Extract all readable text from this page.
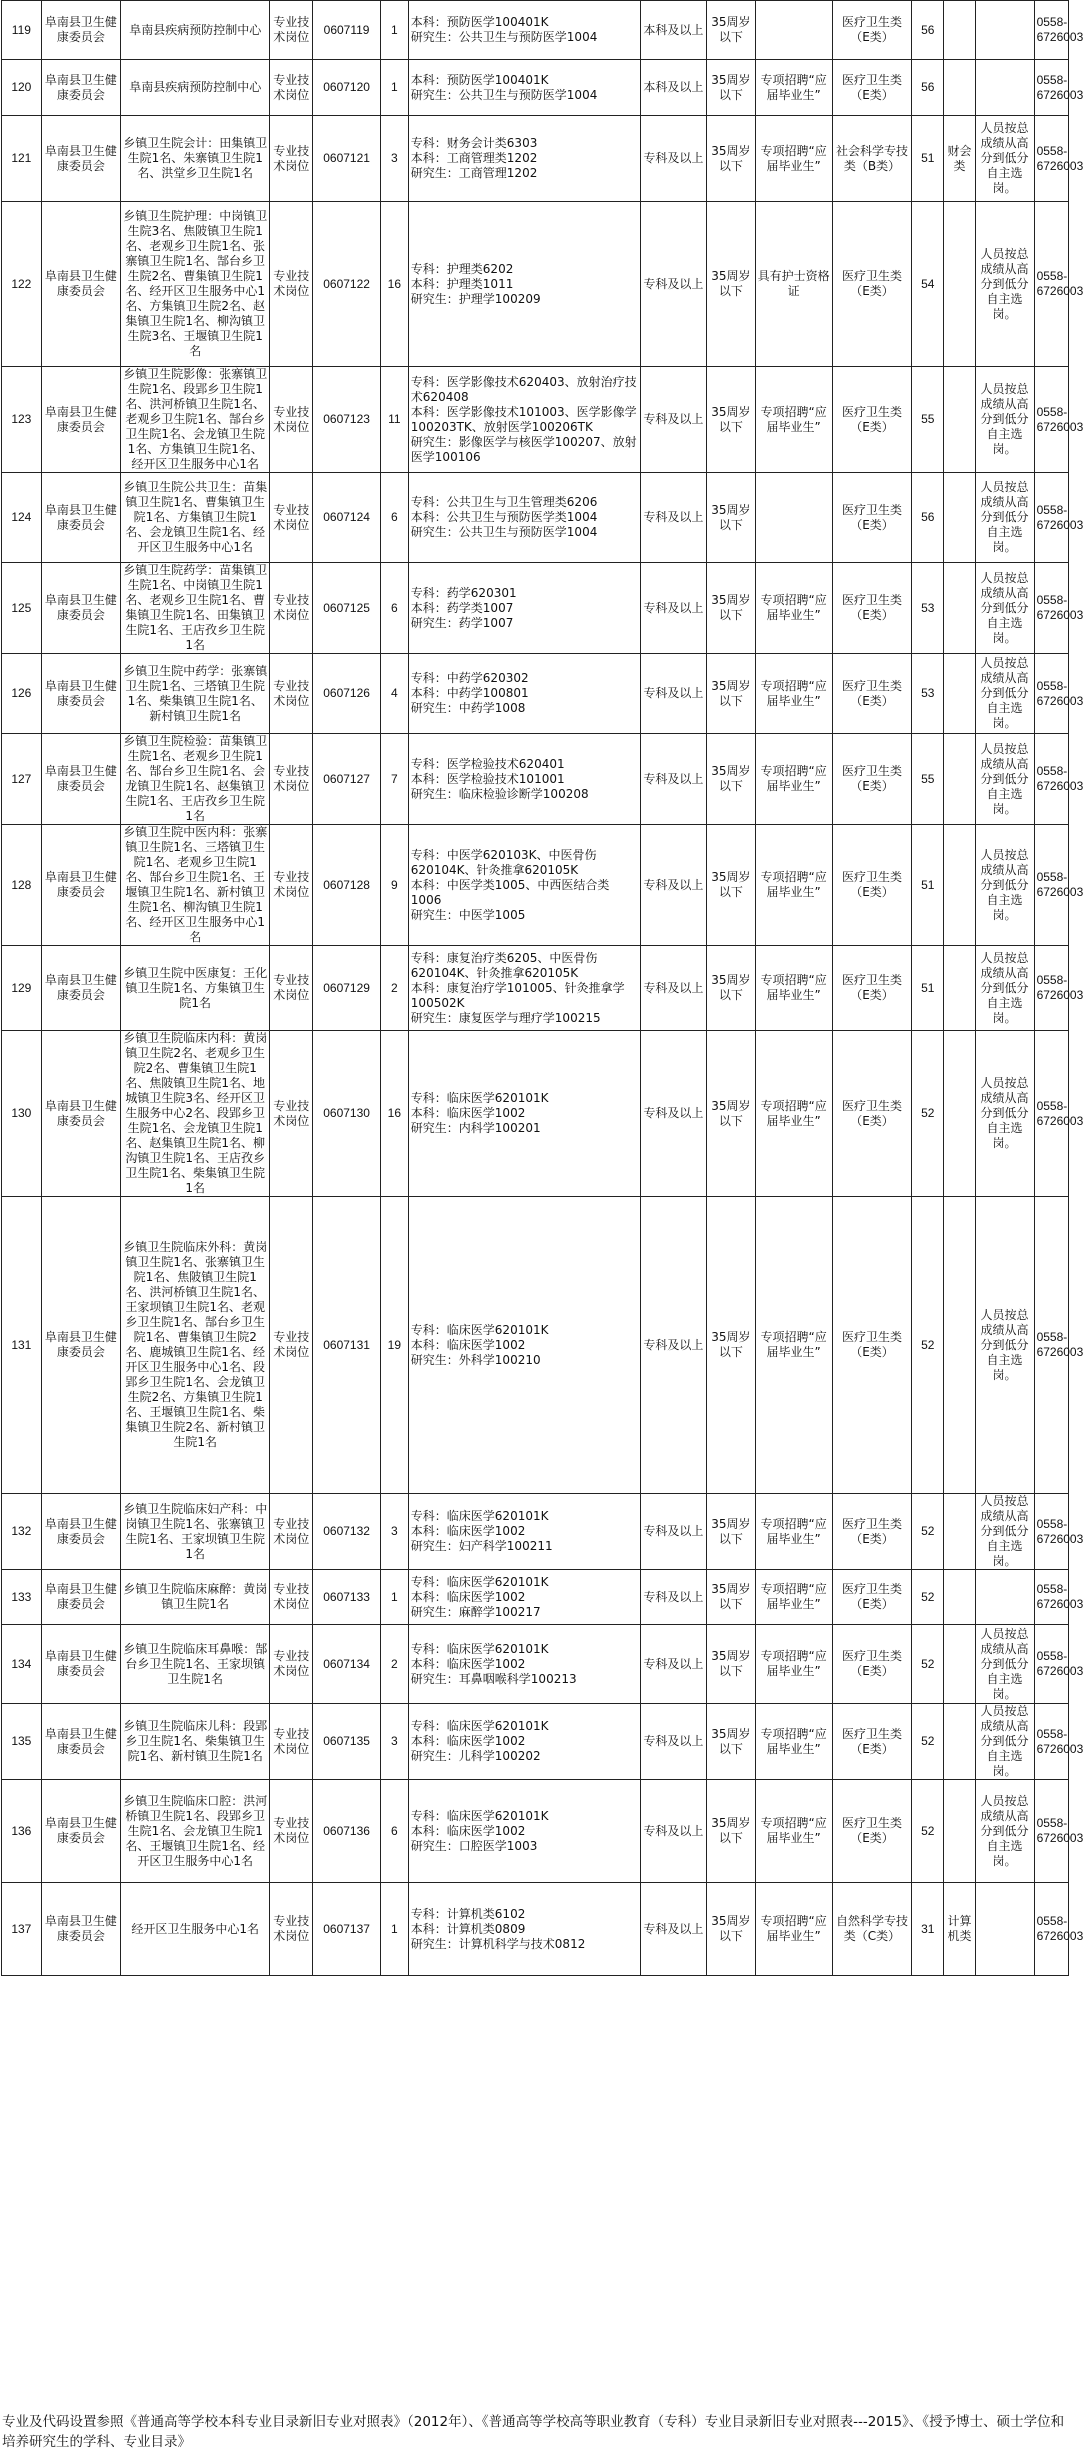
119	阜南县卫生健康委员会	阜南县疾病预防控制中心	专业技术岗位	0607119	1	本科：预防医学100401K
研究生：公共卫生与预防医学1004	本科及以上	35周岁以下		医疗卫生类（E类）	56			0558-6726003
120	阜南县卫生健康委员会	阜南县疾病预防控制中心	专业技术岗位	0607120	1	本科：预防医学100401K
研究生：公共卫生与预防医学1004	本科及以上	35周岁以下	专项招聘“应届毕业生”	医疗卫生类（E类）	56			0558-6726003
121	阜南县卫生健康委员会	乡镇卫生院会计：田集镇卫生院1名、朱寨镇卫生院1名、洪堂乡卫生院1名	专业技术岗位	0607121	3	专科：财务会计类6303
本科：工商管理类1202
研究生：工商管理1202	专科及以上	35周岁以下	专项招聘“应届毕业生”	社会科学专技类（B类）	51	财会类	人员按总成绩从高分到低分自主选岗。	0558-6726003
122	阜南县卫生健康委员会	乡镇卫生院护理：中岗镇卫生院3名、焦陂镇卫生院1名、老观乡卫生院1名、张寨镇卫生院1名、郜台乡卫生院2名、曹集镇卫生院1名、经开区卫生服务中心1名、方集镇卫生院2名、赵集镇卫生院1名、柳沟镇卫生院3名、王堰镇卫生院1名	专业技术岗位	0607122	16	专科：护理类6202
本科：护理类1011
研究生：护理学100209	专科及以上	35周岁以下	具有护士资格证	医疗卫生类（E类）	54		人员按总成绩从高分到低分自主选岗。	0558-6726003
123	阜南县卫生健康委员会	乡镇卫生院影像：张寨镇卫生院1名、段郢乡卫生院1名、洪河桥镇卫生院1名、老观乡卫生院1名、郜台乡卫生院1名、会龙镇卫生院1名、方集镇卫生院1名、经开区卫生服务中心1名	专业技术岗位	0607123	11	专科：医学影像技术620403、放射治疗技术620408
本科：医学影像技术101003、医学影像学100203TK、放射医学100206TK
研究生：影像医学与核医学100207、放射医学100106	专科及以上	35周岁以下	专项招聘“应届毕业生”	医疗卫生类（E类）	55		人员按总成绩从高分到低分自主选岗。	0558-6726003
124	阜南县卫生健康委员会	乡镇卫生院公共卫生：苗集镇卫生院1名、曹集镇卫生院1名、方集镇卫生院1名、会龙镇卫生院1名、经开区卫生服务中心1名	专业技术岗位	0607124	6	专科：公共卫生与卫生管理类6206
本科：公共卫生与预防医学类1004
研究生：公共卫生与预防医学1004	专科及以上	35周岁以下		医疗卫生类（E类）	56		人员按总成绩从高分到低分自主选岗。	0558-6726003
125	阜南县卫生健康委员会	乡镇卫生院药学：苗集镇卫生院1名、中岗镇卫生院1名、老观乡卫生院1名、曹集镇卫生院1名、田集镇卫生院1名、王店孜乡卫生院1名	专业技术岗位	0607125	6	专科：药学620301
本科：药学类1007
研究生：药学1007	专科及以上	35周岁以下	专项招聘“应届毕业生”	医疗卫生类（E类）	53		人员按总成绩从高分到低分自主选岗。	0558-6726003
126	阜南县卫生健康委员会	乡镇卫生院中药学：张寨镇卫生院1名、三塔镇卫生院1名、柴集镇卫生院1名、新村镇卫生院1名	专业技术岗位	0607126	4	专科：中药学620302
本科：中药学100801
研究生：中药学1008	专科及以上	35周岁以下	专项招聘“应届毕业生”	医疗卫生类（E类）	53		人员按总成绩从高分到低分自主选岗。	0558-6726003
127	阜南县卫生健康委员会	乡镇卫生院检验：苗集镇卫生院1名、老观乡卫生院1名、郜台乡卫生院1名、会龙镇卫生院1名、赵集镇卫生院1名、王店孜乡卫生院1名	专业技术岗位	0607127	7	专科：医学检验技术620401
本科：医学检验技术101001
研究生：临床检验诊断学100208	专科及以上	35周岁以下	专项招聘“应届毕业生”	医疗卫生类（E类）	55		人员按总成绩从高分到低分自主选岗。	0558-6726003
128	阜南县卫生健康委员会	乡镇卫生院中医内科：张寨镇卫生院1名、三塔镇卫生院1名、老观乡卫生院1名、郜台乡卫生院1名、王堰镇卫生院1名、新村镇卫生院1名、柳沟镇卫生院1名、经开区卫生服务中心1名	专业技术岗位	0607128	9	专科：中医学620103K、中医骨伤620104K、针灸推拿620105K
本科：中医学类1005、中西医结合类1006
研究生：中医学1005	专科及以上	35周岁以下	专项招聘“应届毕业生”	医疗卫生类（E类）	51		人员按总成绩从高分到低分自主选岗。	0558-6726003
129	阜南县卫生健康委员会	乡镇卫生院中医康复：王化镇卫生院1名、方集镇卫生院1名	专业技术岗位	0607129	2	专科：康复治疗类6205、中医骨伤620104K、针灸推拿620105K
本科：康复治疗学101005、针灸推拿学100502K
研究生：康复医学与理疗学100215	专科及以上	35周岁以下	专项招聘“应届毕业生”	医疗卫生类（E类）	51		人员按总成绩从高分到低分自主选岗。	0558-6726003
130	阜南县卫生健康委员会	乡镇卫生院临床内科：黄岗镇卫生院2名、老观乡卫生院2名、曹集镇卫生院1名、焦陂镇卫生院1名、地城镇卫生院3名、经开区卫生服务中心2名、段郢乡卫生院1名、会龙镇卫生院1名、赵集镇卫生院1名、柳沟镇卫生院1名、王店孜乡卫生院1名、柴集镇卫生院1名	专业技术岗位	0607130	16	专科：临床医学620101K
本科：临床医学1002
研究生：内科学100201	专科及以上	35周岁以下	专项招聘“应届毕业生”	医疗卫生类（E类）	52		人员按总成绩从高分到低分自主选岗。	0558-6726003
131	阜南县卫生健康委员会	乡镇卫生院临床外科：黄岗镇卫生院1名、张寨镇卫生院1名、焦陂镇卫生院1名、洪河桥镇卫生院1名、王家坝镇卫生院1名、老观乡卫生院1名、郜台乡卫生院1名、曹集镇卫生院2名、鹿城镇卫生院1名、经开区卫生服务中心1名、段郢乡卫生院1名、会龙镇卫生院2名、方集镇卫生院1名、王堰镇卫生院1名、柴集镇卫生院2名、新村镇卫生院1名	专业技术岗位	0607131	19	专科：临床医学620101K
本科：临床医学1002
研究生：外科学100210	专科及以上	35周岁以下	专项招聘“应届毕业生”	医疗卫生类（E类）	52		人员按总成绩从高分到低分自主选岗。	0558-6726003
132	阜南县卫生健康委员会	乡镇卫生院临床妇产科：中岗镇卫生院1名、张寨镇卫生院1名、王家坝镇卫生院1名	专业技术岗位	0607132	3	专科：临床医学620101K
本科：临床医学1002
研究生：妇产科学100211	专科及以上	35周岁以下	专项招聘“应届毕业生”	医疗卫生类（E类）	52		人员按总成绩从高分到低分自主选岗。	0558-6726003
133	阜南县卫生健康委员会	乡镇卫生院临床麻醉：黄岗镇卫生院1名	专业技术岗位	0607133	1	专科：临床医学620101K
本科：临床医学1002
研究生：麻醉学100217	专科及以上	35周岁以下	专项招聘“应届毕业生”	医疗卫生类（E类）	52			0558-6726003
134	阜南县卫生健康委员会	乡镇卫生院临床耳鼻喉：郜台乡卫生院1名、王家坝镇卫生院1名	专业技术岗位	0607134	2	专科：临床医学620101K
本科：临床医学1002
研究生：耳鼻咽喉科学100213	专科及以上	35周岁以下	专项招聘“应届毕业生”	医疗卫生类（E类）	52		人员按总成绩从高分到低分自主选岗。	0558-6726003
135	阜南县卫生健康委员会	乡镇卫生院临床儿科：段郢乡卫生院1名、柴集镇卫生院1名、新村镇卫生院1名	专业技术岗位	0607135	3	专科：临床医学620101K
本科：临床医学1002
研究生：儿科学100202	专科及以上	35周岁以下	专项招聘“应届毕业生”	医疗卫生类（E类）	52		人员按总成绩从高分到低分自主选岗。	0558-6726003
136	阜南县卫生健康委员会	乡镇卫生院临床口腔：洪河桥镇卫生院1名、段郢乡卫生院1名、会龙镇卫生院1名、王堰镇卫生院1名、经开区卫生服务中心1名	专业技术岗位	0607136	6	专科：临床医学620101K
本科：临床医学1002
研究生：口腔医学1003	专科及以上	35周岁以下	专项招聘“应届毕业生”	医疗卫生类（E类）	52		人员按总成绩从高分到低分自主选岗。	0558-6726003
137	阜南县卫生健康委员会	经开区卫生服务中心1名	专业技术岗位	0607137	1	专科：计算机类6102
本科：计算机类0809
研究生：计算机科学与技术0812	专科及以上	35周岁以下	专项招聘“应届毕业生”	自然科学专技类（C类）	31	计算机类		0558-6726003
专业及代码设置参照《普通高等学校本科专业目录新旧专业对照表》（2012年）、《普通高等学校高等职业教育（专科）专业目录新旧专业对照表---2015》、《授予博士、硕士学位和培养研究生的学科、专业目录》
